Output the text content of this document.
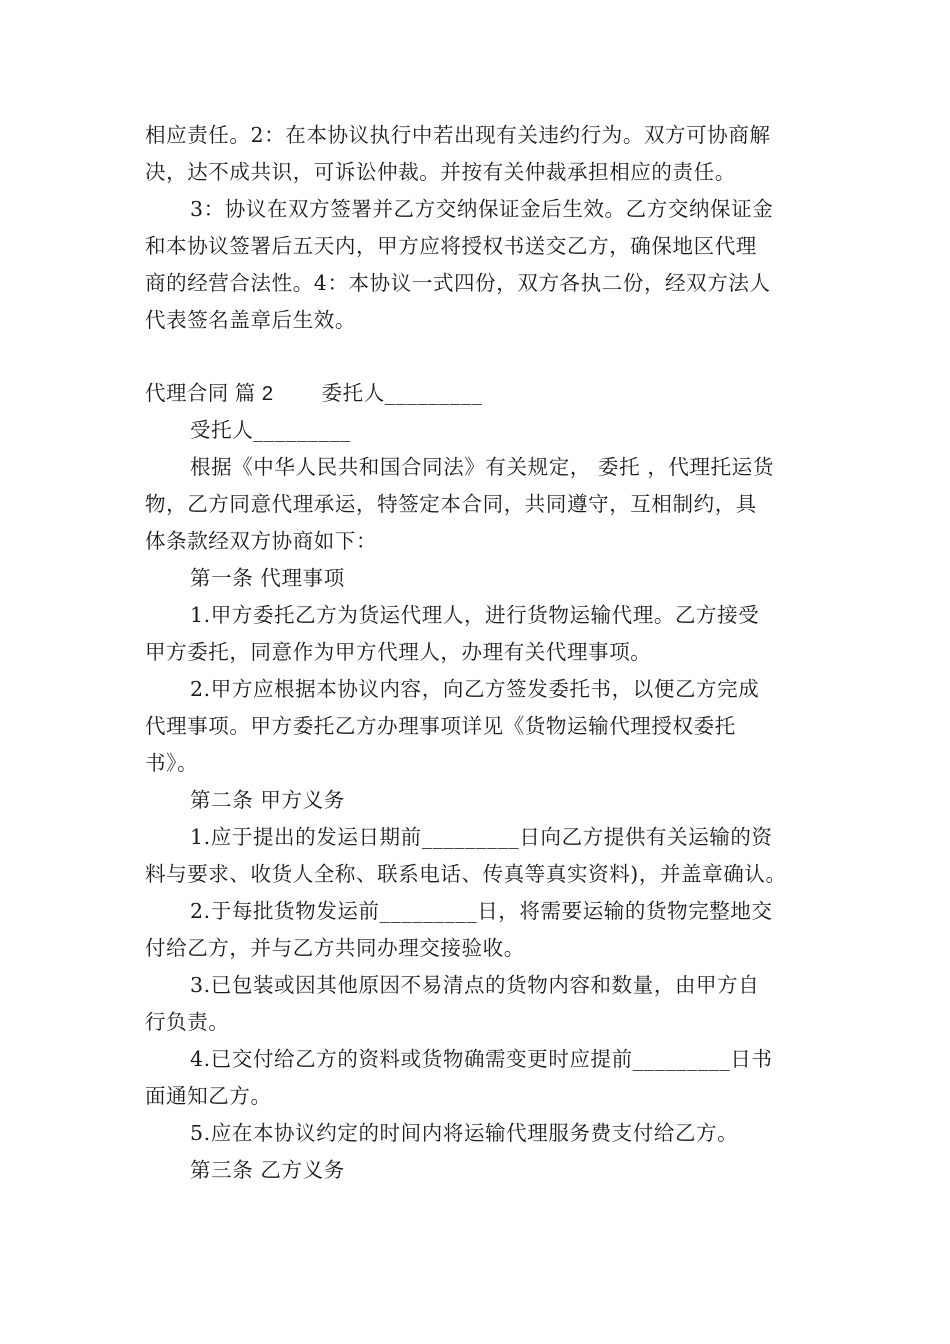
相应责任。2：在本协议执行中若出现有关违约行为。双方可协商解
决，达不成共识，可诉讼仲裁。并按有关仲裁承担相应的责任。
3：协议在双方签署并乙方交纳保证金后生效。乙方交纳保证金
和本协议签署后五天内，甲方应将授权书送交乙方，确保地区代理
商的经营合法性。4：本协议一式四份，双方各执二份，经双方法人
代表签名盖章后生效。
代理合同 篇 2 委托人_________
受托人_________
根据《中华人民共和国合同法》有关规定， 委托 ，代理托运货
物，乙方同意代理承运，特签定本合同，共同遵守，互相制约，具
体条款经双方协商如下：
第一条 代理事项
1.甲方委托乙方为货运代理人，进行货物运输代理。乙方接受
甲方委托，同意作为甲方代理人，办理有关代理事项。
2.甲方应根据本协议内容，向乙方签发委托书，以便乙方完成
代理事项。甲方委托乙方办理事项详见《货物运输代理授权委托
书》。
第二条 甲方义务
1.应于提出的发运日期前_________日向乙方提供有关运输的资
料与要求、收货人全称、联系电话、传真等真实资料)，并盖章确认。
2.于每批货物发运前_________日，将需要运输的货物完整地交
付给乙方，并与乙方共同办理交接验收。
3.已包装或因其他原因不易清点的货物内容和数量，由甲方自
行负责。
4.已交付给乙方的资料或货物确需变更时应提前_________日书
面通知乙方。
5.应在本协议约定的时间内将运输代理服务费支付给乙方。
第三条 乙方义务
